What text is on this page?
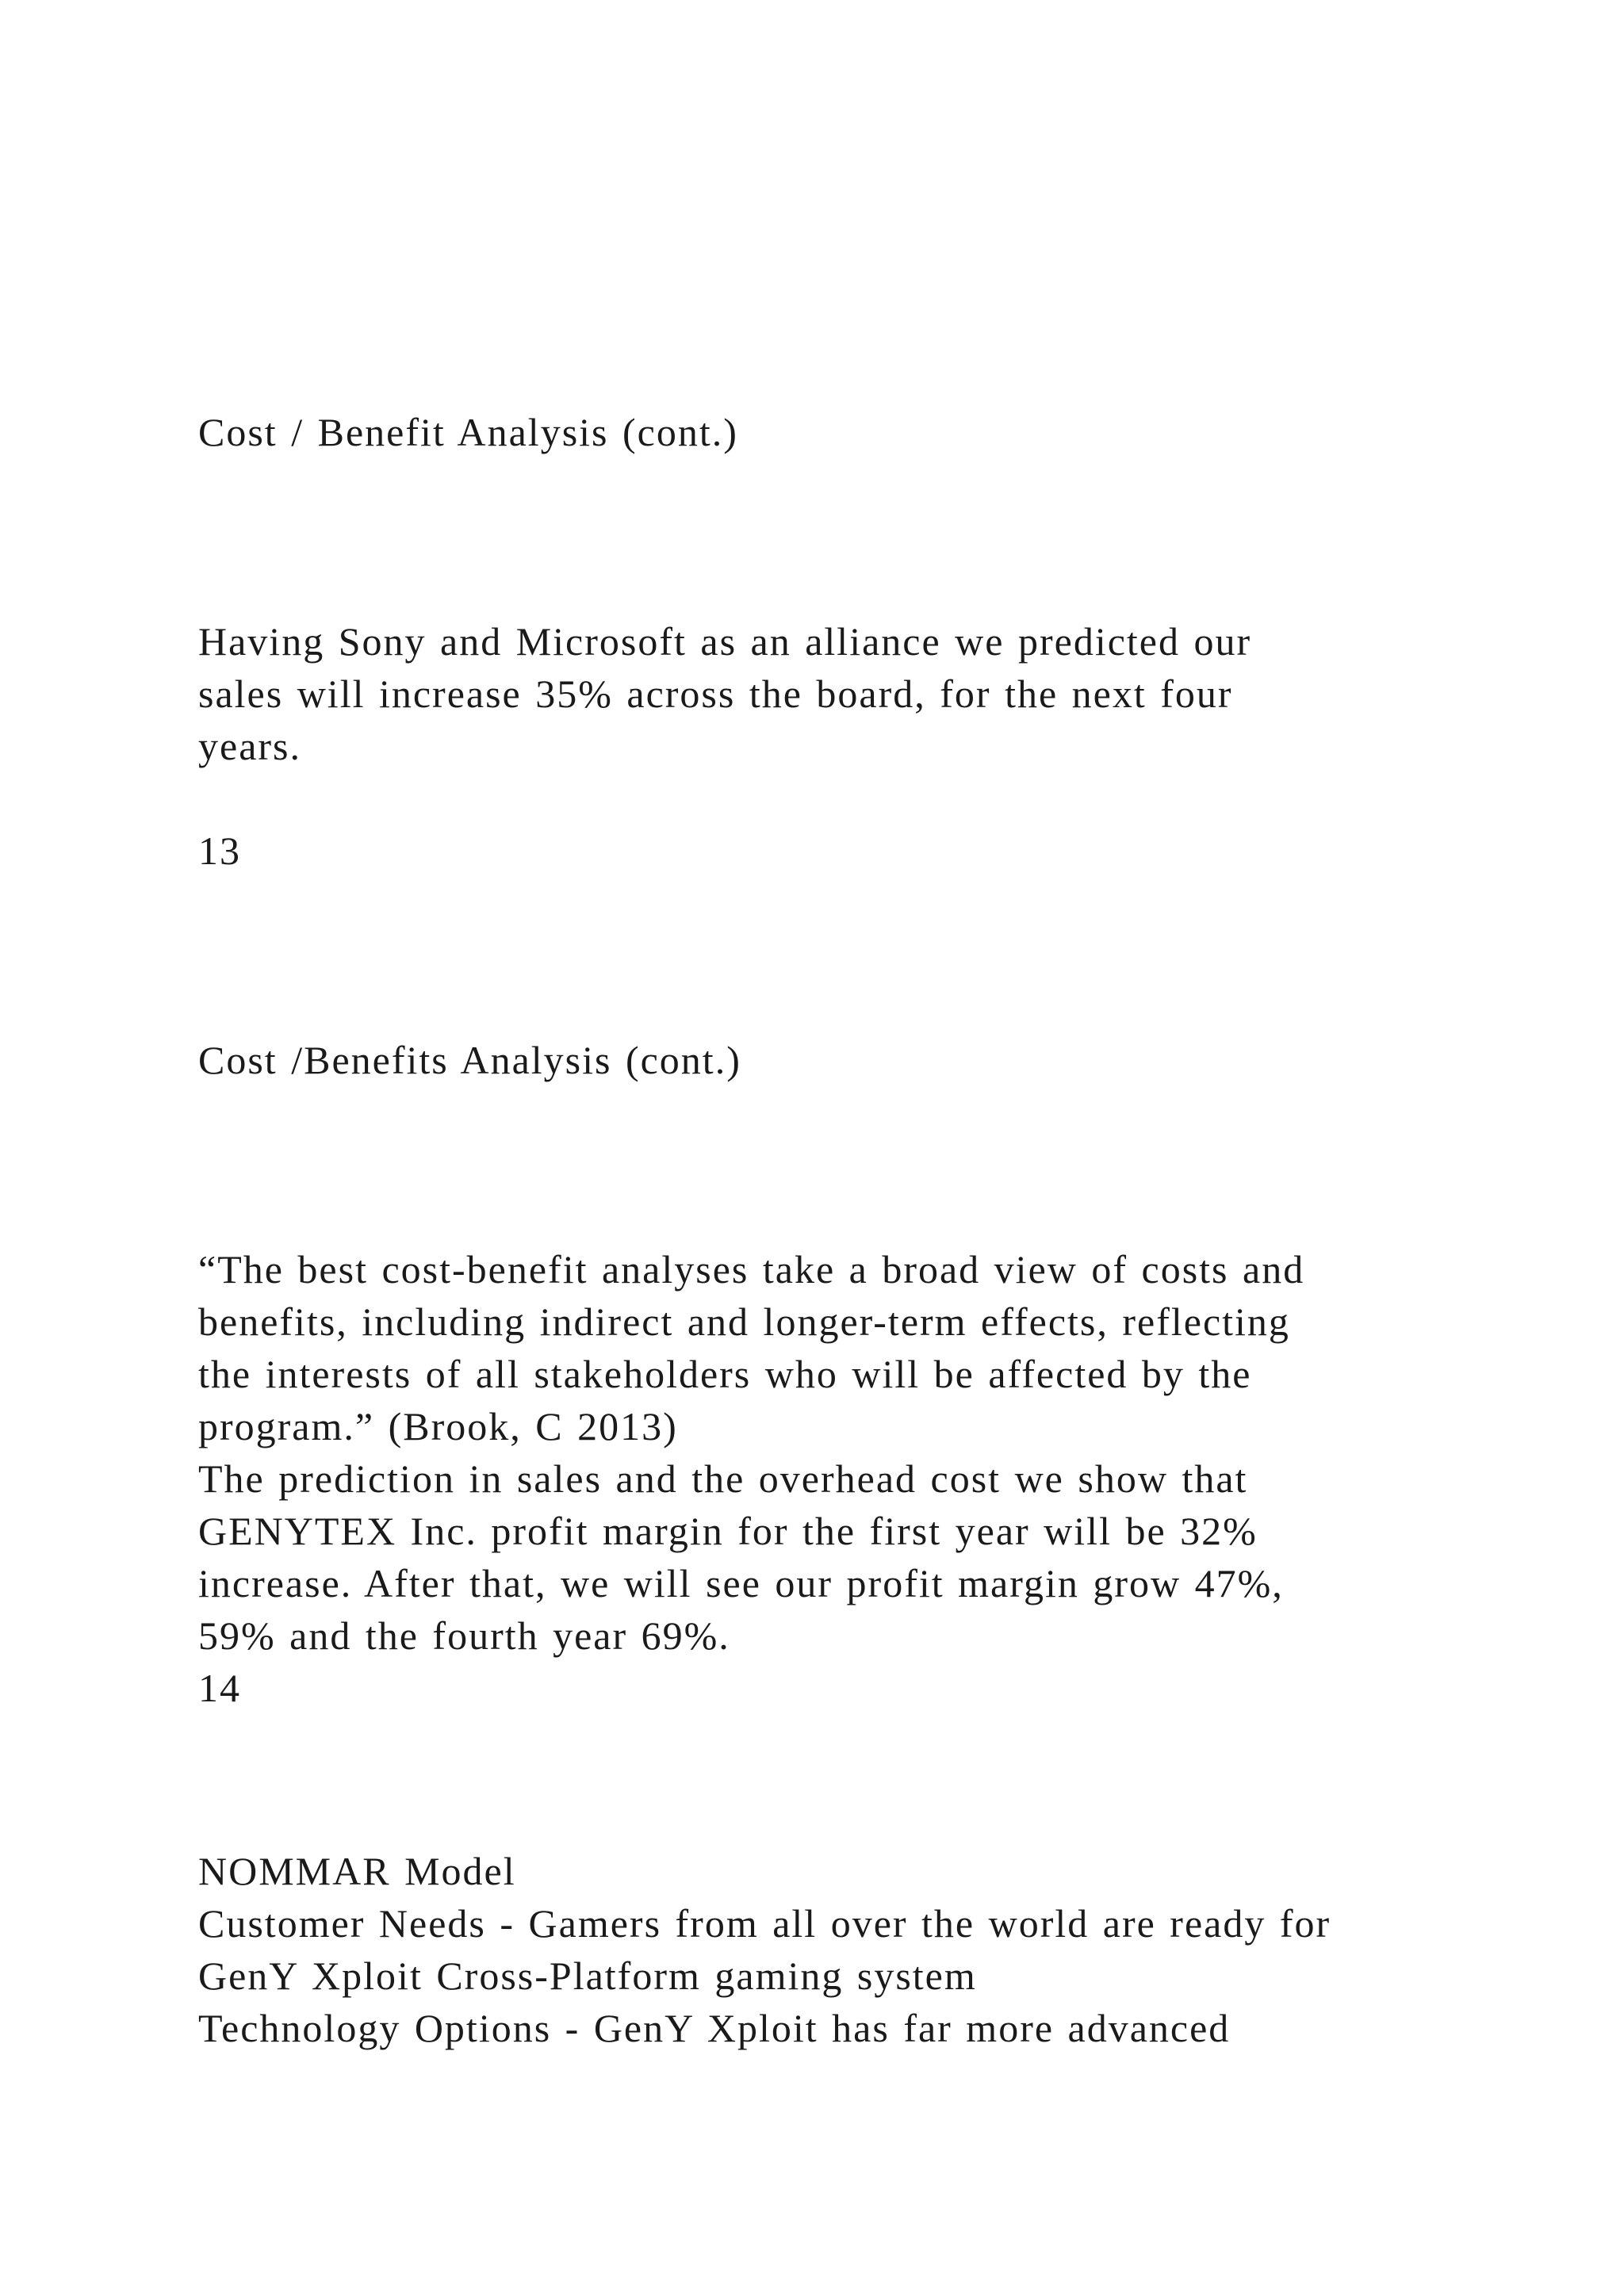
Cost / Benefit Analysis (cont.)
Having Sony and Microsoft as an alliance we predicted our
sales will increase 35% across the board, for the next four
years.
13
Cost /Benefits Analysis (cont.)
“The best cost-benefit analyses take a broad view of costs and
benefits, including indirect and longer-term effects, reflecting
the interests of all stakeholders who will be affected by the
program.” (Brook, C 2013)
The prediction in sales and the overhead cost we show that
GENYTEX Inc. profit margin for the first year will be 32%
increase. After that, we will see our profit margin grow 47%,
59% and the fourth year 69%.
14
NOMMAR Model
Customer Needs - Gamers from all over the world are ready for
GenY Xploit Cross-Platform gaming system
Technology Options - GenY Xploit has far more advanced
